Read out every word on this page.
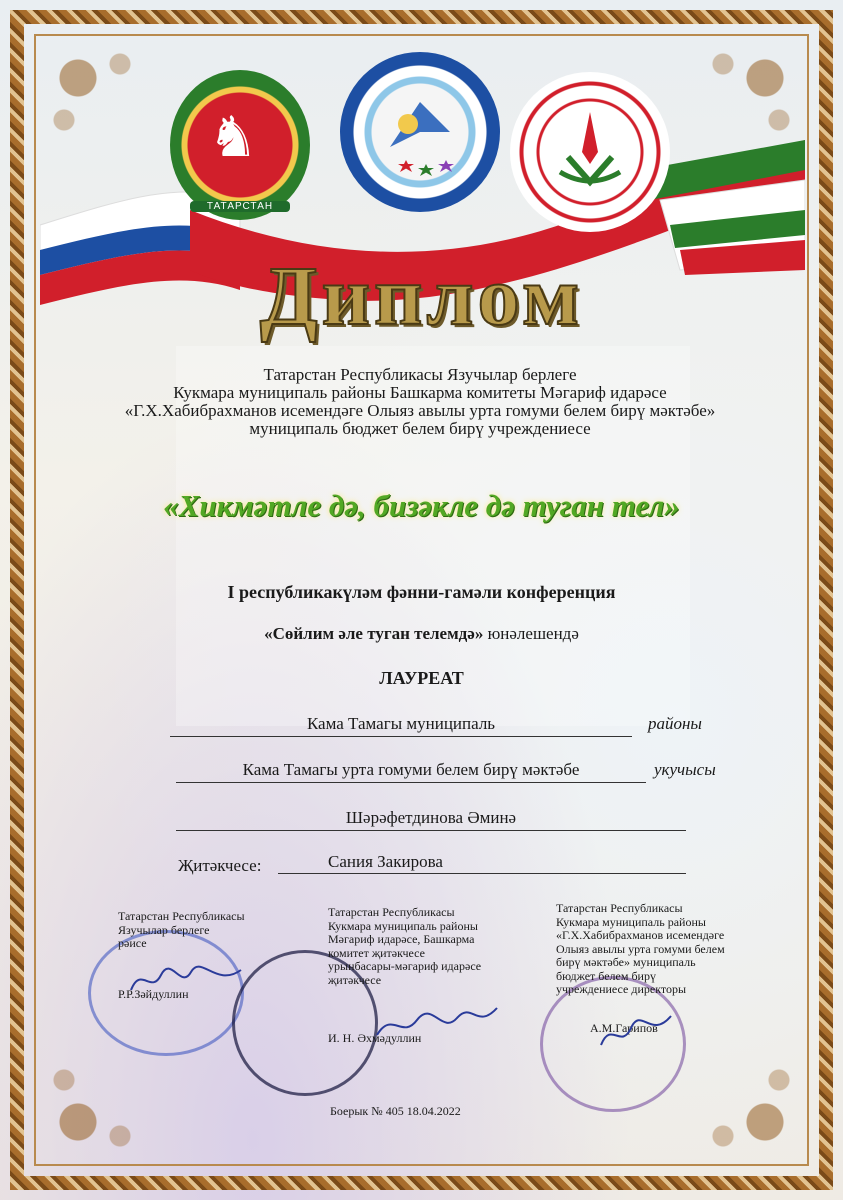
♞
ТАТАРСТАН
Диплом
Татарстан Республикасы Язучылар берлеге
Кукмара муниципаль районы Башкарма комитеты Мәгариф идарәсе
«Г.Х.Хабибрахманов исемендәге Олыяз авылы урта гомуми белем бирү мәктәбе»
муниципаль бюджет белем бирү учреждениесе
«Хикмәтле дә, бизәкле дә туган тел»
I республикакүләм фәнни-гамәли конференция
«Сөйлим әле туган телемдә» юнәлешендә
ЛАУРЕАТ
Кама Тамагы муниципаль	районы
Кама Тамагы урта гомуми белем бирү мәктәбе	укучысы
Шәрәфетдинова Әминә
Җитәкчесе:	Сания Закирова
Татарстан Республикасы
Язучылар берлеге
рәисе
Р.Р.Зәйдуллин
Татарстан Республикасы
Кукмара муниципаль районы
Мәгариф идарәсе, Башкарма
комитет җитәкчесе
урынбасары-мәгариф идарәсе
җитәкчесе
И. Н. Әхмәдуллин
Татарстан Республикасы
Кукмара муниципаль районы
«Г.Х.Хабибрахманов исемендәге
Олыяз авылы урта гомуми белем
бирү мәктәбе» муниципаль
бюджет белем бирү
учреждениесе директоры
А.М.Гарипов
Боерык № 405 18.04.2022
